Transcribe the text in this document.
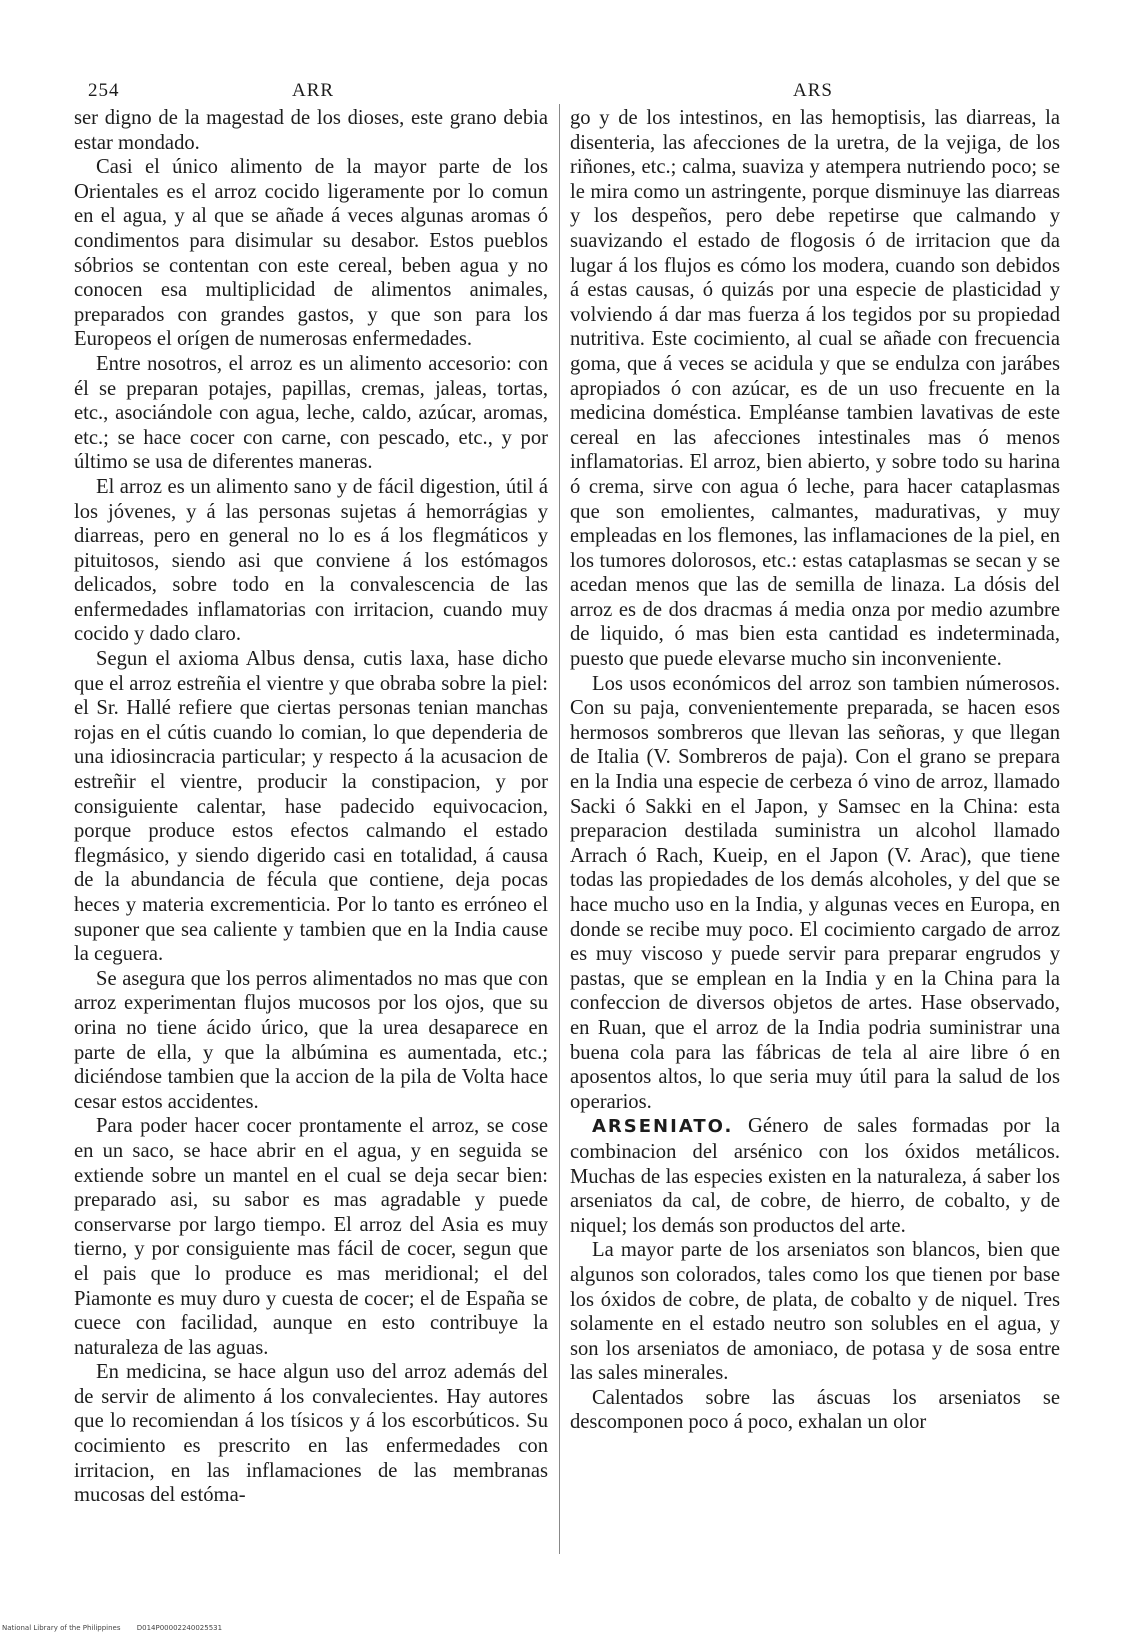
254	ARR	ARS

ser digno de la magestad de los dioses, este grano debia estar mondado.

Casi el único alimento de la mayor parte de los Orientales es el arroz cocido ligeramente por lo comun en el agua, y al que se añade á veces algunas aromas ó condimentos para disimular su desabor. Estos pueblos sóbrios se contentan con este cereal, beben agua y no conocen esa multiplicidad de alimentos animales, preparados con grandes gastos, y que son para los Europeos el orígen de numerosas enfermedades.

Entre nosotros, el arroz es un alimento accesorio: con él se preparan potajes, papillas, cremas, jaleas, tortas, etc., asociándole con agua, leche, caldo, azúcar, aromas, etc.; se hace cocer con carne, con pescado, etc., y por último se usa de diferentes maneras.

El arroz es un alimento sano y de fácil digestion, útil á los jóvenes, y á las personas sujetas á hemorrágias y diarreas, pero en general no lo es á los flegmáticos y pituitosos, siendo asi que conviene á los estómagos delicados, sobre todo en la convalescencia de las enfermedades inflamatorias con irritacion, cuando muy cocido y dado claro.

Segun el axioma Albus densa, cutis laxa, hase dicho que el arroz estreñia el vientre y que obraba sobre la piel: el Sr. Hallé refiere que ciertas personas tenian manchas rojas en el cútis cuando lo comian, lo que dependeria de una idiosincracia particular; y respecto á la acusacion de estreñir el vientre, producir la constipacion, y por consiguiente calentar, hase padecido equivocacion, porque produce estos efectos calmando el estado flegmásico, y siendo digerido casi en totalidad, á causa de la abundancia de fécula que contiene, deja pocas heces y materia excrementicia. Por lo tanto es erróneo el suponer que sea caliente y tambien que en la India cause la ceguera.

Se asegura que los perros alimentados no mas que con arroz experimentan flujos mucosos por los ojos, que su orina no tiene ácido úrico, que la urea desaparece en parte de ella, y que la albúmina es aumentada, etc.; diciéndose tambien que la accion de la pila de Volta hace cesar estos accidentes.

Para poder hacer cocer prontamente el arroz, se cose en un saco, se hace abrir en el agua, y en seguida se extiende sobre un mantel en el cual se deja secar bien: preparado asi, su sabor es mas agradable y puede conservarse por largo tiempo. El arroz del Asia es muy tierno, y por consiguiente mas fácil de cocer, segun que el pais que lo produce es mas meridional; el del Piamonte es muy duro y cuesta de cocer; el de España se cuece con facilidad, aunque en esto contribuye la naturaleza de las aguas.

En medicina, se hace algun uso del arroz además del de servir de alimento á los convalecientes. Hay autores que lo recomiendan á los tísicos y á los escorbúticos. Su cocimiento es prescrito en las enfermedades con irritacion, en las inflamaciones de las membranas mucosas del estóma-

go y de los intestinos, en las hemoptisis, las diarreas, la disenteria, las afecciones de la uretra, de la vejiga, de los riñones, etc.; calma, suaviza y atempera nutriendo poco; se le mira como un astringente, porque disminuye las diarreas y los despeños, pero debe repetirse que calmando y suavizando el estado de flogosis ó de irritacion que da lugar á los flujos es cómo los modera, cuando son debidos á estas causas, ó quizás por una especie de plasticidad y volviendo á dar mas fuerza á los tegidos por su propiedad nutritiva. Este cocimiento, al cual se añade con frecuencia goma, que á veces se acidula y que se endulza con jarábes apropiados ó con azúcar, es de un uso frecuente en la medicina doméstica. Empléanse tambien lavativas de este cereal en las afecciones intestinales mas ó menos inflamatorias. El arroz, bien abierto, y sobre todo su harina ó crema, sirve con agua ó leche, para hacer cataplasmas que son emolientes, calmantes, madurativas, y muy empleadas en los flemones, las inflamaciones de la piel, en los tumores dolorosos, etc.: estas cataplasmas se secan y se acedan menos que las de semilla de linaza. La dósis del arroz es de dos dracmas á media onza por medio azumbre de liquido, ó mas bien esta cantidad es indeterminada, puesto que puede elevarse mucho sin inconveniente.

Los usos económicos del arroz son tambien númerosos. Con su paja, convenientemente preparada, se hacen esos hermosos sombreros que llevan las señoras, y que llegan de Italia (V. Sombreros de paja). Con el grano se prepara en la India una especie de cerbeza ó vino de arroz, llamado Sacki ó Sakki en el Japon, y Samsec en la China: esta preparacion destilada suministra un alcohol llamado Arrach ó Rach, Kueip, en el Japon (V. Arac), que tiene todas las propiedades de los demás alcoholes, y del que se hace mucho uso en la India, y algunas veces en Europa, en donde se recibe muy poco. El cocimiento cargado de arroz es muy viscoso y puede servir para preparar engrudos y pastas, que se emplean en la India y en la China para la confeccion de diversos objetos de artes. Hase observado, en Ruan, que el arroz de la India podria suministrar una buena cola para las fábricas de tela al aire libre ó en aposentos altos, lo que seria muy útil para la salud de los operarios.

ARSENIATO. Género de sales formadas por la combinacion del arsénico con los óxidos metálicos. Muchas de las especies existen en la naturaleza, á saber los arseniatos da cal, de cobre, de hierro, de cobalto, y de niquel; los demás son productos del arte.

La mayor parte de los arseniatos son blancos, bien que algunos son colorados, tales como los que tienen por base los óxidos de cobre, de plata, de cobalto y de niquel. Tres solamente en el estado neutro son solubles en el agua, y son los arseniatos de amoniaco, de potasa y de sosa entre las sales minerales.

Calentados sobre las áscuas los arseniatos se descomponen poco á poco, exhalan un olor

National Library of the Philippines D014P00002240025531
